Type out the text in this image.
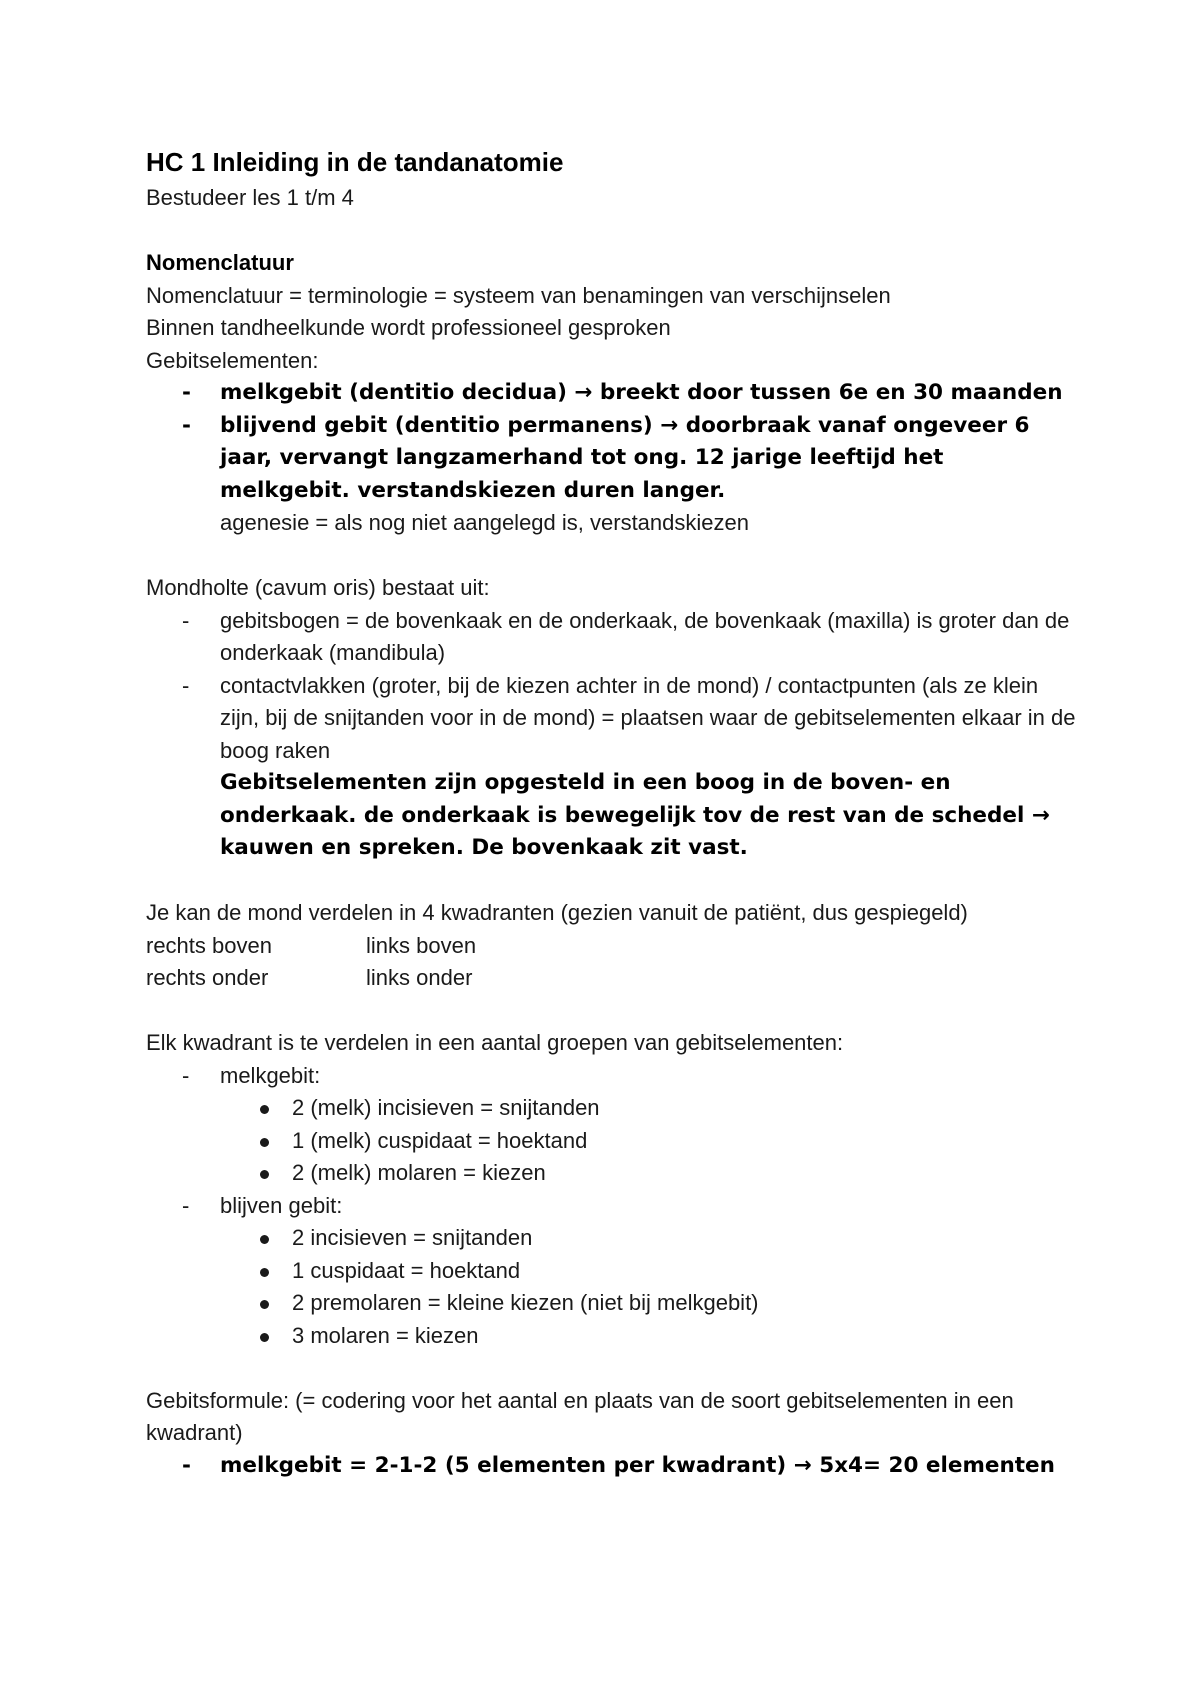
HC 1 Inleiding in de tandanatomie
Bestudeer les 1 t/m 4
Nomenclatuur
Nomenclatuur = terminologie = systeem van benamingen van verschijnselen
Binnen tandheelkunde wordt professioneel gesproken
Gebitselementen:
- melkgebit (dentitio decidua) → breekt door tussen 6e en 30 maanden
- blijvend gebit (dentitio permanens) → doorbraak vanaf ongeveer 6 jaar, vervangt langzamerhand tot ong. 12 jarige leeftijd het melkgebit. verstandskiezen duren langer.
agenesie = als nog niet aangelegd is, verstandskiezen
Mondholte (cavum oris) bestaat uit:
- gebitsbogen = de bovenkaak en de onderkaak, de bovenkaak (maxilla) is groter dan de onderkaak (mandibula)
- contactvlakken (groter, bij de kiezen achter in de mond) / contactpunten (als ze klein zijn, bij de snijtanden voor in de mond) = plaatsen waar de gebitselementen elkaar in de boog raken
Gebitselementen zijn opgesteld in een boog in de boven- en onderkaak. de onderkaak is bewegelijk tov de rest van de schedel → kauwen en spreken. De bovenkaak zit vast.
Je kan de mond verdelen in 4 kwadranten (gezien vanuit de patiënt, dus gespiegeld)
rechts boven	links boven
rechts onder	links onder
Elk kwadrant is te verdelen in een aantal groepen van gebitselementen:
- melkgebit:
2 (melk) incisieven = snijtanden
1 (melk) cuspidaat = hoektand
2 (melk) molaren = kiezen
- blijven gebit:
2 incisieven = snijtanden
1 cuspidaat = hoektand
2 premolaren = kleine kiezen (niet bij melkgebit)
3 molaren = kiezen
Gebitsformule: (= codering voor het aantal en plaats van de soort gebitselementen in een kwadrant)
- melkgebit = 2-1-2 (5 elementen per kwadrant) → 5x4= 20 elementen
